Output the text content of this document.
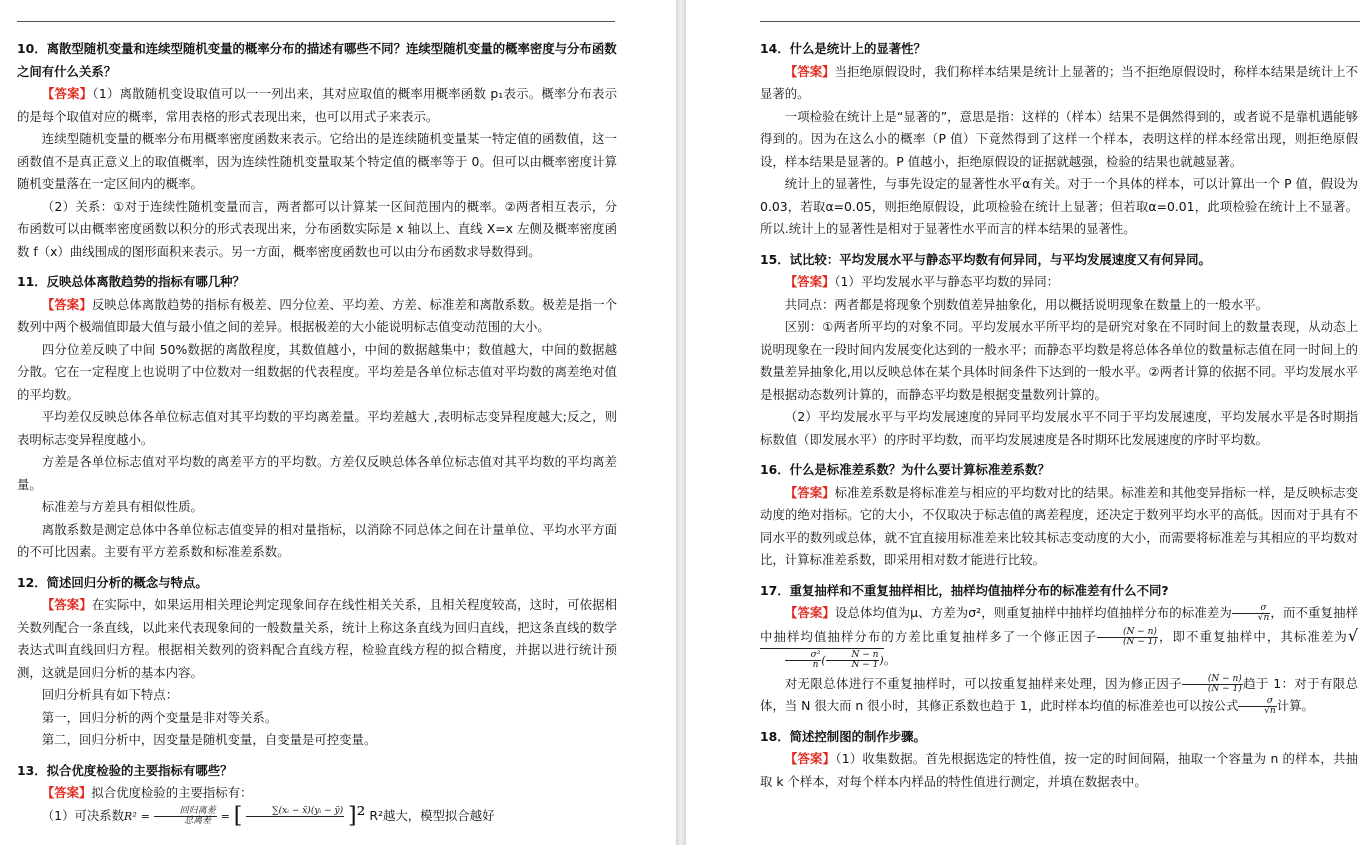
10．离散型随机变量和连续型随机变量的概率分布的描述有哪些不同？连续型随机变量的概率密度与分布函数之间有什么关系？

【答案】（1）离散随机变设取值可以一一列出来，其对应取值的概率用概率函数 p₁表示。概率分布表示的是每个取值对应的概率，常用表格的形式表现出来，也可以用式子来表示。

连续型随机变量的概率分布用概率密度函数来表示。它给出的是连续随机变量某一特定值的函数值，这一函数值不是真正意义上的取值概率，因为连续性随机变量取某个特定值的概率等于 0。但可以由概率密度计算随机变量落在一定区间内的概率。

（2）关系：①对于连续性随机变量而言，两者都可以计算某一区间范围内的概率。②两者相互表示，分布函数可以由概率密度函数以积分的形式表现出来，分布函数实际是 x 轴以上、直线 X=x 左侧及概率密度函数 f（x）曲线围成的图形面积来表示。另一方面，概率密度函数也可以由分布函数求导数得到。

11．反映总体离散趋势的指标有哪几种？

【答案】反映总体离散趋势的指标有极差、四分位差、平均差、方差、标准差和离散系数。极差是指一个数列中两个极端值即最大值与最小值之间的差异。根据极差的大小能说明标志值变动范围的大小。

四分位差反映了中间 50%数据的离散程度，其数值越小，中间的数据越集中；数值越大，中间的数据越分散。它在一定程度上也说明了中位数对一组数据的代表程度。平均差是各单位标志值对平均数的离差绝对值的平均数。

平均差仅反映总体各单位标志值对其平均数的平均离差量。平均差越大 ,表明标志变异程度越大;反之，则表明标志变异程度越小。

方差是各单位标志值对平均数的离差平方的平均数。方差仅反映总体各单位标志值对其平均数的平均离差量。

标准差与方差具有相似性质。

离散系数是测定总体中各单位标志值变异的相对量指标，以消除不同总体之间在计量单位、平均水平方面的不可比因素。主要有平方差系数和标准差系数。

12．简述回归分析的概念与特点。

【答案】在实际中，如果运用相关理论判定现象间存在线性相关关系，且相关程度较高，这时，可依据相关数列配合一条直线，以此来代表现象间的一般数量关系，统计上称这条直线为回归直线，把这条直线的数学表达式叫直线回归方程。根据相关数列的资料配合直线方程，检验直线方程的拟合精度，并据以进行统计预测，这就是回归分析的基本内容。

回归分析具有如下特点：

第一，回归分析的两个变量是非对等关系。

第二，回归分析中，因变量是随机变量，自变量是可控变量。

13．拟合优度检验的主要指标有哪些？

【答案】拟合优度检验的主要指标有：

（1）可决系数$R^2 = \frac{\text{回归离差}}{\text{总离差}}$ = [	∑(xᵢ − x̄)(yᵢ − ȳ)
]² R²越大，模型拟合越好

14．什么是统计上的显著性？

【答案】当拒绝原假设时，我们称样本结果是统计上显著的；当不拒绝原假设时，称样本结果是统计上不显著的。

一项检验在统计上是“显著的”，意思是指：这样的（样本）结果不是偶然得到的，或者说不是靠机遇能够得到的。因为在这么小的概率（P 值）下竟然得到了这样一个样本，表明这样的样本经常出现，则拒绝原假设，样本结果是显著的。P 值越小，拒绝原假设的证据就越强，检验的结果也就越显著。

统计上的显著性，与事先设定的显著性水平α有关。对于一个具体的样本，可以计算出一个 P 值，假设为 0.03，若取α=0.05，则拒绝原假设，此项检验在统计上显著；但若取α=0.01，此项检验在统计上不显著。所以.统计上的显著性是相对于显著性水平而言的样本结果的显著性。

15．试比较：平均发展水平与静态平均数有何异同，与平均发展速度又有何异同。

【答案】（1）平均发展水平与静态平均数的异同：

共同点：两者都是将现象个别数值差异抽象化，用以概括说明现象在数量上的一般水平。

区别：①两者所平均的对象不同。平均发展水平所平均的是研究对象在不同时间上的数量表现，从动态上说明现象在一段时间内发展变化达到的一般水平；而静态平均数是将总体各单位的数量标志值在同一时间上的数量差异抽象化,用以反映总体在某个具体时间条件下达到的一般水平。②两者计算的依据不同。平均发展水平是根据动态数列计算的，而静态平均数是根据变量数列计算的。

（2）平均发展水平与平均发展速度的异同平均发展水平不同于平均发展速度，平均发展水平是各时期指标数值（即发展水平）的序时平均数，而平均发展速度是各时期环比发展速度的序时平均数。

16．什么是标准差系数？为什么要计算标准差系数？

【答案】标准差系数是将标准差与相应的平均数对比的结果。标准差和其他变异指标一样，是反映标志变动度的绝对指标。它的大小，不仅取决于标志值的离差程度，还决定于数列平均水平的高低。因而对于具有不同水平的数列或总体，就不宜直接用标准差来比较其标志变动度的大小，而需要将标准差与其相应的平均数对比，计算标准差系数，即采用相对数才能进行比较。

17．重复抽样和不重复抽样相比，抽样均值抽样分布的标准差有什么不同?

【答案】设总体均值为μ、方差为σ²，则重复抽样中抽样均值抽样分布的标准差为 $\frac{\sigma}{√n}$ ，而不重复抽样中抽样均值抽样分布的方差比重复抽样多了一个修正因子 $\frac{(N - n)}{(N - 1)}$ ，即不重复抽样中，其标准差为√
$\frac{\text{σ²}}{n}$ ( $\frac{N - n}{N - 1}$ )。

对无限总体进行不重复抽样时，可以按重复抽样来处理，因为修正因子 $\frac{(N - n)}{(N - 1)}$ 趋于 1：对于有限总体，当 N 很大而 n 很小时，其修正系数也趋于 1，此时样本均值的标准差也可以按公式 $\frac{\sigma}{√n}$ 计算。

18．简述控制图的制作步骤。

【答案】（1）收集数据。首先根据选定的特性值，按一定的时间间隔，抽取一个容量为 n 的样本，共抽取 k 个样本，对每个样本内样品的特性值进行测定，并填在数据表中。
